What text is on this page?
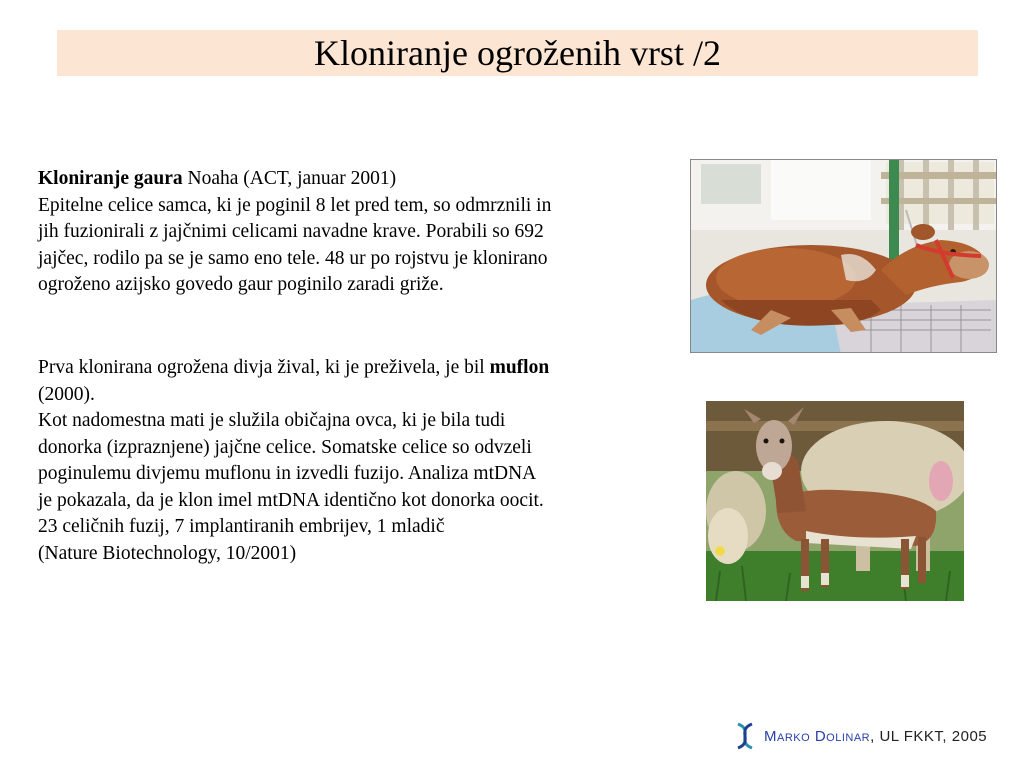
Kloniranje ogroženih vrst /2
Kloniranje gaura Noaha (ACT, januar 2001)
Epitelne celice samca, ki je poginil 8 let pred tem, so odmrznili in
jih fuzionirali z jajčnimi celicami navadne krave. Porabili so 692
jajčec, rodilo pa se je samo eno tele. 48 ur po rojstvu je klonirano
ogroženo azijsko govedo gaur poginilo zaradi griže.
Prva klonirana ogrožena divja žival, ki je preživela, je bil muflon
(2000).
Kot nadomestna mati je služila običajna ovca, ki je bila tudi
donorka (izpraznjene) jajčne celice. Somatske celice so odvzeli
poginulemu divjemu muflonu in izvedli fuzijo. Analiza mtDNA
je pokazala, da je klon imel mtDNA identično kot donorka oocit.
23 celičnih fuzij, 7 implantiranih embrijev, 1 mladič
(Nature Biotechnology, 10/2001)
Marko Dolinar , UL FKKT, 2005
